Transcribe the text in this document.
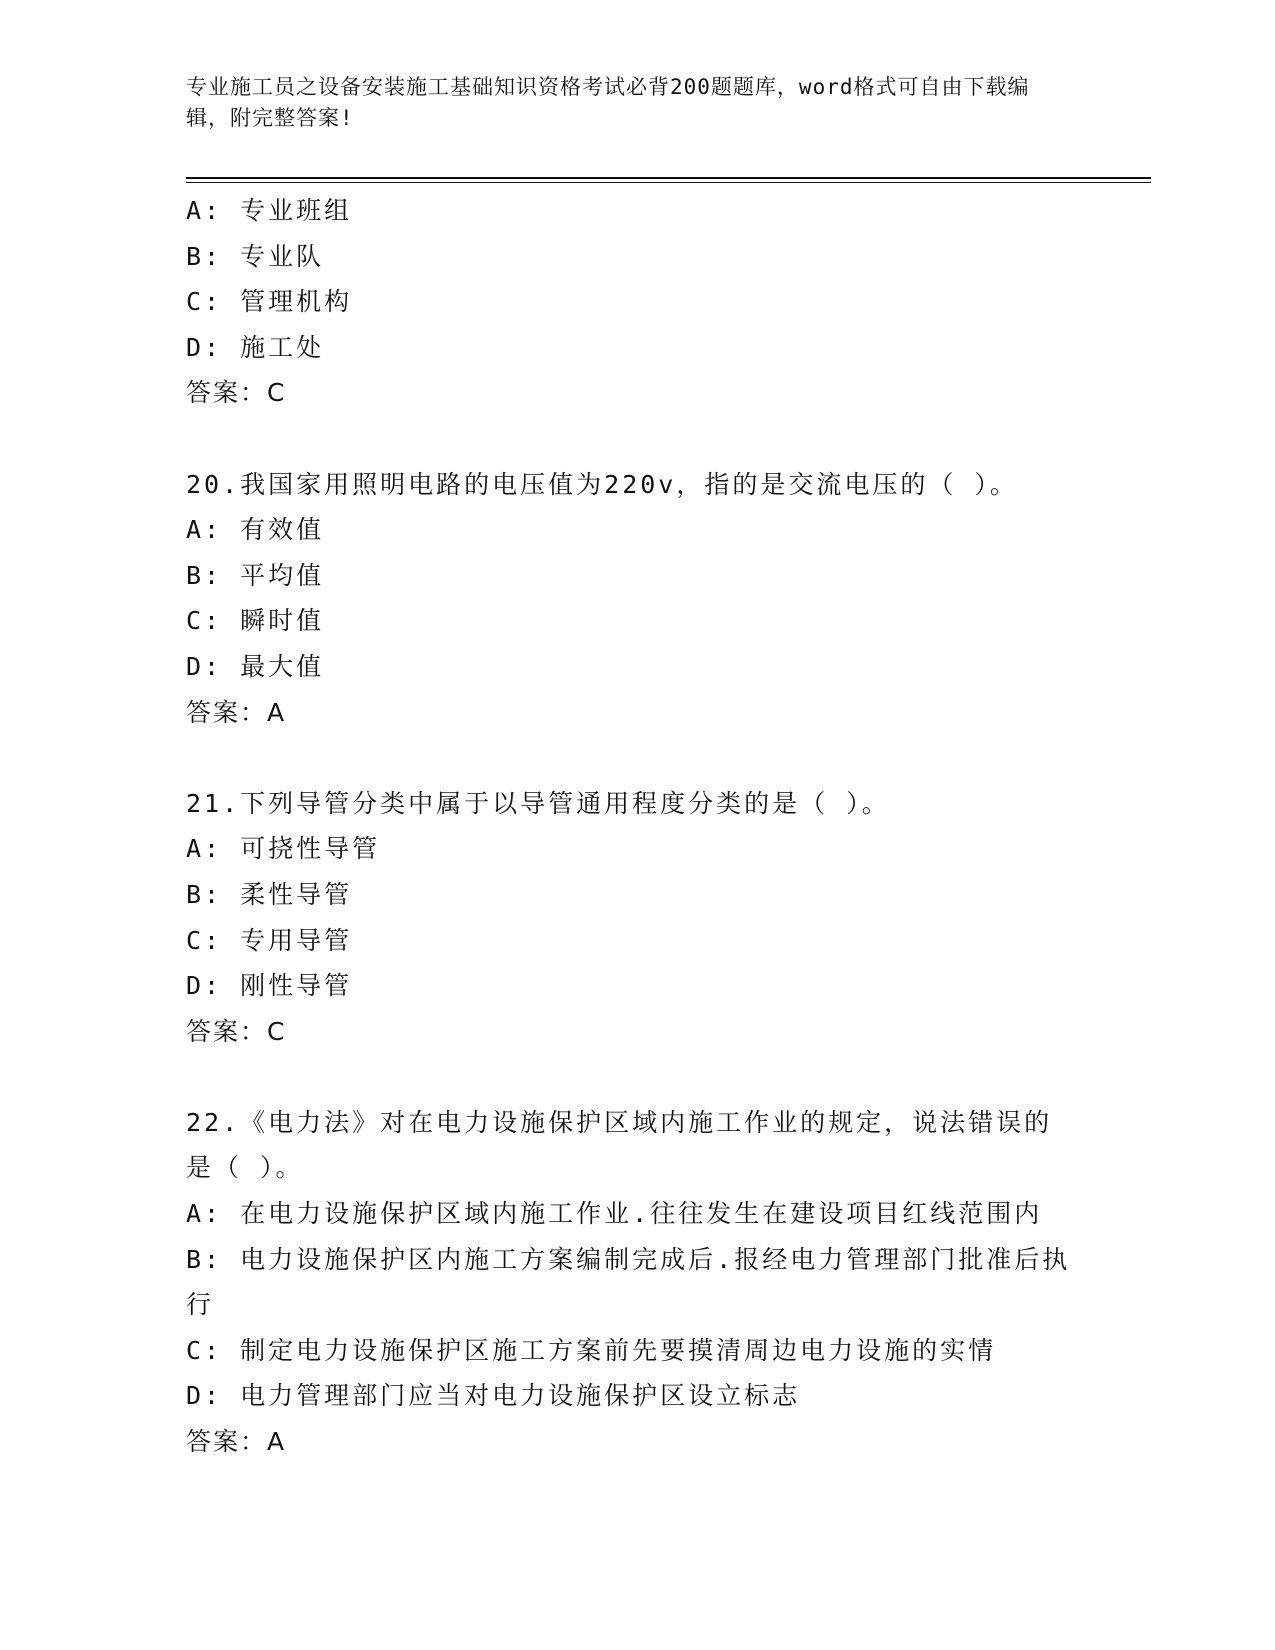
专业施工员之设备安装施工基础知识资格考试必背200题题库，word格式可自由下载编辑，附完整答案!
A: 专业班组
B: 专业队
C: 管理机构
D: 施工处
答案：C
20.我国家用照明电路的电压值为220v，指的是交流电压的（ ）。
A: 有效值
B: 平均值
C: 瞬时值
D: 最大值
答案：A
21.下列导管分类中属于以导管通用程度分类的是（ ）。
A: 可挠性导管
B: 柔性导管
C: 专用导管
D: 刚性导管
答案：C
22.《电力法》对在电力设施保护区域内施工作业的规定，说法错误的是（ ）。
A: 在电力设施保护区域内施工作业.往往发生在建设项目红线范围内
B: 电力设施保护区内施工方案编制完成后.报经电力管理部门批准后执行
C: 制定电力设施保护区施工方案前先要摸清周边电力设施的实情
D: 电力管理部门应当对电力设施保护区设立标志
答案：A
